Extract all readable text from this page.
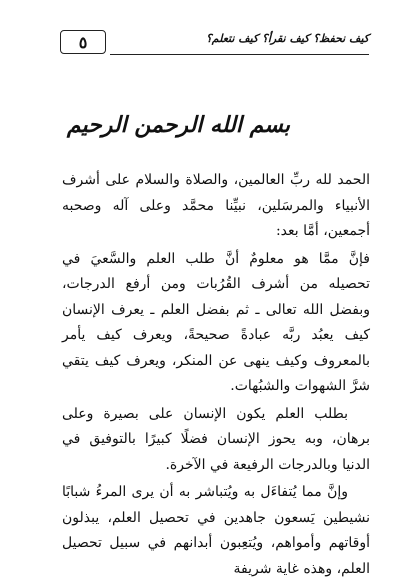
٥	كيف نحفظ؟ كيف نقرأ؟ كيف نتعلم؟
بسم الله الرحمن الرحيم

الحمد لله ربِّ العالمين، والصلاة والسلام على أشرف الأنبياء والمرسَلين، نبيِّنا محمَّد وعلى آله وصحبه أجمعين، أمَّا بعد:

فإنَّ ممَّا هو معلومٌ أنَّ طلب العلم والسَّعيَ في تحصيله من أشرف القُرُبات ومن أرفع الدرجات، وبفضل الله تعالى ـ ثم بفضل العلم ـ يعرف الإنسان كيف يعبُد ربَّه عبادةً صحيحةً، ويعرف كيف يأمر بالمعروف وكيف ينهى عن المنكر، ويعرف كيف يتقي شرَّ الشهوات والشبُهات.

بطلب العلم يكون الإنسان على بصيرة وعلى برهان، وبه يحوز الإنسان فضلًا كبيرًا بالتوفيق في الدنيا وبالدرجات الرفيعة في الآخرة.

وإنَّ مما يُتفاءَل به ويُتباشر به أن يرى المرءُ شبابًا نشيطين يَسعون جاهدين في تحصيل العلم، يبذلون أوقاتهم وأمواهم، ويُتعِبون أبدانهم في سبيل تحصيل العلم، وهذه غاية شريفة
